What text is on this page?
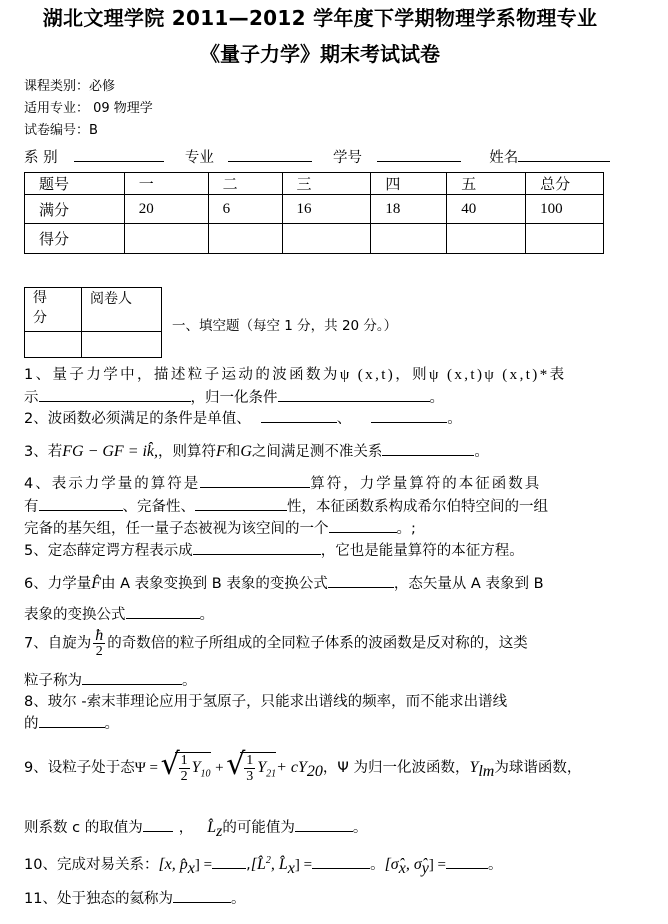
湖北文理学院 2011—2012 学年度下学期物理学系物理专业
《量子力学》期末考试试卷
课程类别：必修
适用专业： 09 物理学
试卷编号：B
系 别	专业	学号	姓名
题号	一	二	三	四	五	总分
满分	20	6	16	18	40	100
得分						
得
分	阅卷人

一、填空题（每空 1 分，共 20 分。）
1、量子力学中，描述粒子运动的波函数为ψ (x,t)，则ψ (x,t)ψ (x,t)*表
示	，归一化条件	。
2、波函数必须满足的条件是单值、	、	。
3、若FG − GF = ik̂,，则算符F和G之间满足测不准关系	。
4、表示力学量的算符是	算符，力学量算符的本征函数具
有	、完备性、	性，本征函数系构成希尔伯特空间的一组
完备的基矢组，任一量子态被视为该空间的一个	。;
5、定态薛定谔方程表示成	，它也是能量算符的本征方程。
6、力学量F̂由 A 表象变换到 B 表象的变换公式	，态矢量从 A 表象到 B
表象的变换公式	。
7、自旋为 $\frac{ħ}{2}$ 的奇数倍的粒子所组成的全同粒子体系的波函数是反对称的，这类
粒子称为	。
8、玻尔 -索末菲理论应用于氢原子，只能求出谱线的频率，而不能求出谱线
的	。
9、设粒子处于态Ψ = √ $\frac{1}{2} Y_{10}$ + √ $\frac{1}{3} Y_{21}+ cY_{20}$，Ψ 为归一化波函数，$Y_{lm}$为球谐函数，
则系数 c 的取值为 ， $L̂_z$的可能值为	。
10、完成对易关系：[x, $p̂_x$] = ,[L̂$^2$, $L̂_x$] =	。[$\sigmâ_x$, $\sigmâ_y$] =	。
11、处于独态的氦称为	。
